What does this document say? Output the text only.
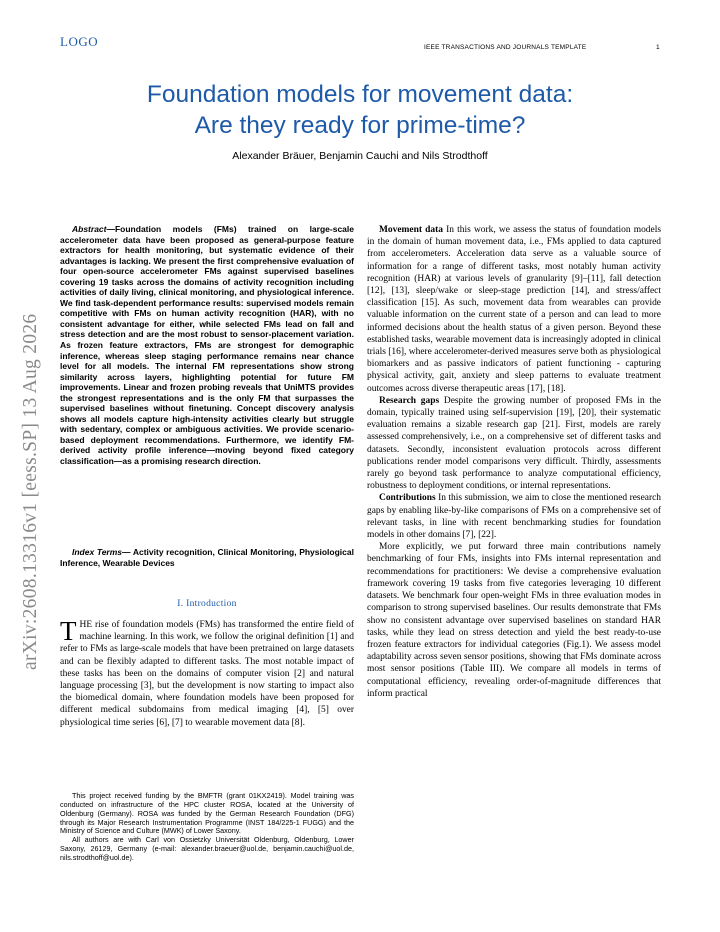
LOGO	IEEE TRANSACTIONS AND JOURNALS TEMPLATE	1
arXiv:2608.13316v1 [eess.SP] 13 Aug 2026
Foundation models for movement data:
Are they ready for prime-time?
Alexander Bräuer, Benjamin Cauchi and Nils Strodthoff

Abstract—Foundation models (FMs) trained on large-scale accelerometer data have been proposed as general-purpose feature extractors for health monitoring, but systematic evidence of their advantages is lacking. We present the first comprehensive evaluation of four open-source accelerometer FMs against supervised baselines covering 19 tasks across the domains of activity recognition including activities of daily living, clinical monitoring, and physiological inference. We find task-dependent performance results: supervised models remain competitive with FMs on human activity recognition (HAR), with no consistent advantage for either, while selected FMs lead on fall and stress detection and are the most robust to sensor-placement variation. As frozen feature extractors, FMs are strongest for demographic inference, whereas sleep staging performance remains near chance level for all models. The internal FM representations show strong similarity across layers, highlighting potential for future FM improvements. Linear and frozen probing reveals that UniMTS provides the strongest representations and is the only FM that surpasses the supervised baselines without finetuning. Concept discovery analysis shows all models capture high-intensity activities clearly but struggle with sedentary, complex or ambiguous activities. We provide scenario-based deployment recommendations. Furthermore, we identify FM-derived activity profile inference—moving beyond fixed category classification—as a promising research direction.

Index Terms— Activity recognition, Clinical Monitoring, Physiological Inference, Wearable Devices

I. Introduction

THE rise of foundation models (FMs) has transformed the entire field of machine learning. In this work, we follow the original definition [1] and refer to FMs as large-scale models that have been pretrained on large datasets and can be flexibly adapted to different tasks. The most notable impact of these tasks has been on the domains of computer vision [2] and natural language processing [3], but the development is now starting to impact also the biomedical domain, where foundation models have been proposed for different medical subdomains from medical imaging [4], [5] over physiological time series [6], [7] to wearable movement data [8].

This project received funding by the BMFTR (grant 01KX2419). Model training was conducted on infrastructure of the HPC cluster ROSA, located at the University of Oldenburg (Germany). ROSA was funded by the German Research Foundation (DFG) through its Major Research Instrumentation Programme (INST 184/225-1 FUGG) and the Ministry of Science and Culture (MWK) of Lower Saxony.

All authors are with Carl von Ossietzky Universität Oldenburg, Oldenburg, Lower Saxony, 26129, Germany (e-mail: alexander.braeuer@uol.de, benjamin.cauchi@uol.de, nils.strodthoff@uol.de).

Movement data In this work, we assess the status of foundation models in the domain of human movement data, i.e., FMs applied to data captured from accelerometers. Acceleration data serve as a valuable source of information for a range of different tasks, most notably human activity recognition (HAR) at various levels of granularity [9]–[11], fall detection [12], [13], sleep/wake or sleep-stage prediction [14], and stress/affect classification [15]. As such, movement data from wearables can provide valuable information on the current state of a person and can lead to more informed decisions about the health status of a given person. Beyond these established tasks, wearable movement data is increasingly adopted in clinical trials [16], where accelerometer-derived measures serve both as physiological biomarkers and as passive indicators of patient functioning - capturing physical activity, gait, anxiety and sleep patterns to evaluate treatment outcomes across diverse therapeutic areas [17], [18].

Research gaps Despite the growing number of proposed FMs in the domain, typically trained using self-supervision [19], [20], their systematic evaluation remains a sizable research gap [21]. First, models are rarely assessed comprehensively, i.e., on a comprehensive set of different tasks and datasets. Secondly, inconsistent evaluation protocols across different publications render model comparisons very difficult. Thirdly, assessments rarely go beyond task performance to analyze computational efficiency, robustness to deployment conditions, or internal representations.

Contributions In this submission, we aim to close the mentioned research gaps by enabling like-by-like comparisons of FMs on a comprehensive set of relevant tasks, in line with recent benchmarking studies for foundation models in other domains [7], [22].

More explicitly, we put forward three main contributions namely benchmarking of four FMs, insights into FMs internal representation and recommendations for practitioners: We devise a comprehensive evaluation framework covering 19 tasks from five categories leveraging 10 different datasets. We benchmark four open-weight FMs in three evaluation modes in comparison to strong supervised baselines. Our results demonstrate that FMs show no consistent advantage over supervised baselines on standard HAR tasks, while they lead on stress detection and yield the best ready-to-use frozen feature extractors for individual categories (Fig.1). We assess model adaptability across seven sensor positions, showing that FMs dominate across most sensor positions (Table III). We compare all models in terms of computational efficiency, revealing order-of-magnitude differences that inform practical
